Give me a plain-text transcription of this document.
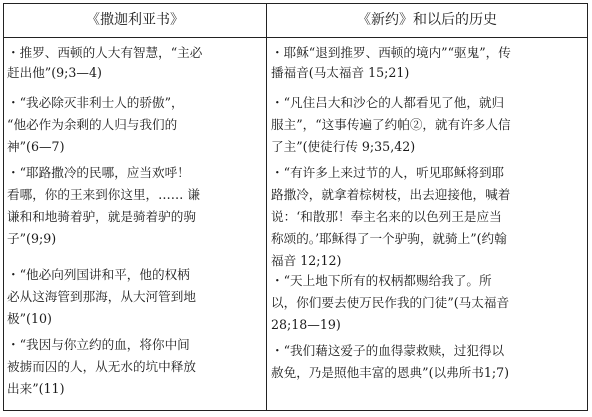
《撒迦利亚书》	《新约》和以后的历史
・推罗、西顿的人大有智慧，“主必
赶出他”(9;3—4)
・“我必除灭非利士人的骄傲”，
“他必作为余剩的人归与我们的
神”(6—7)
・“耶路撒冷的民哪，应当欢呼！
看哪，你的王来到你这里，…… 谦
谦和和地骑着驴，就是骑着驴的驹
子”(9;9)
・“他必向列国讲和平，他的权柄
必从这海管到那海，从大河管到地
极”(10)
・“我因与你立约的血，将你中间
被掳而囚的人，从无水的坑中释放
出来”(11)
・耶稣“退到推罗、西顿的境内”“驱鬼”，传
播福音(马太福音 15;21)
・“凡住吕大和沙仑的人都看见了他，就归
服主”，“这事传遍了约帕②，就有许多人信
了主”(使徒行传 9;35,42)
・“有许多上来过节的人，听见耶稣将到耶
路撒冷，就拿着棕树枝，出去迎接他，喊着
说：‘和散那！奉主名来的以色列王是应当
称颂的。’耶稣得了一个驴驹，就骑上”(约翰
福音 12;12)
・“天上地下所有的权柄都赐给我了。所
以，你们要去使万民作我的门徒”(马太福音
28;18—19)
・“我们藉这爱子的血得蒙救赎，过犯得以
赦免，乃是照他丰富的恩典”(以弗所书1;7)
